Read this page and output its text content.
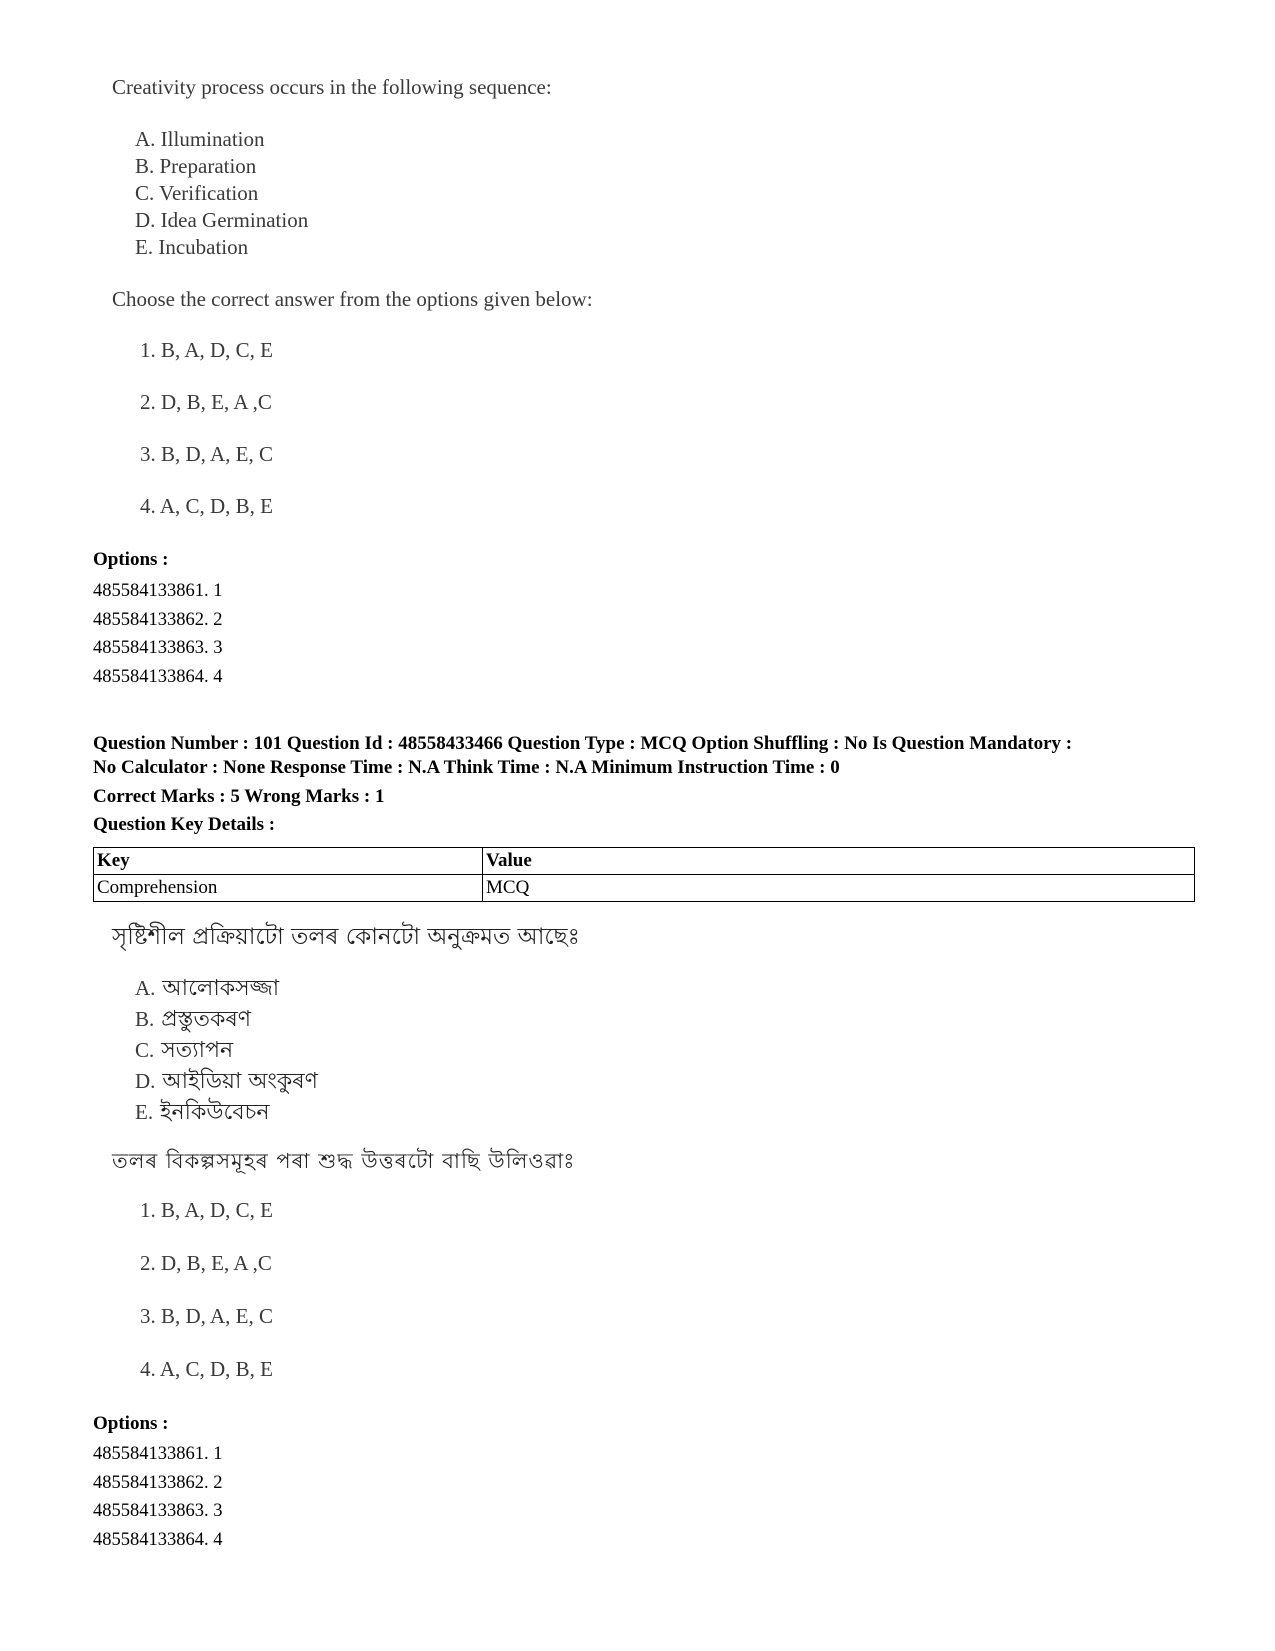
Creativity process occurs in the following sequence:
A. Illumination
B. Preparation
C. Verification
D. Idea Germination
E. Incubation
Choose the correct answer from the options given below:
1. B, A, D, C, E
2. D, B, E, A ,C
3. B, D, A, E, C
4. A, C, D, B, E
Options :
485584133861. 1
485584133862. 2
485584133863. 3
485584133864. 4
Question Number : 101 Question Id : 48558433466 Question Type : MCQ Option Shuffling : No Is Question Mandatory :
No Calculator : None Response Time : N.A Think Time : N.A Minimum Instruction Time : 0
Correct Marks : 5 Wrong Marks : 1
Question Key Details :
Key	Value
Comprehension	MCQ
সৃষ্টিশীল প্ৰক্ৰিয়াটো তলৰ কোনটো অনুক্ৰমত আছেঃ
A. আলোকসজ্জা
B. প্ৰস্তুতকৰণ
C. সত্যাপন
D. আইডিয়া অংকুৰণ
E. ইনকিউবেচন
তলৰ বিকল্পসমূহৰ পৰা শুদ্ধ উত্তৰটো বাছি উলিওৱাঃ
1. B, A, D, C, E
2. D, B, E, A ,C
3. B, D, A, E, C
4. A, C, D, B, E
Options :
485584133861. 1
485584133862. 2
485584133863. 3
485584133864. 4
